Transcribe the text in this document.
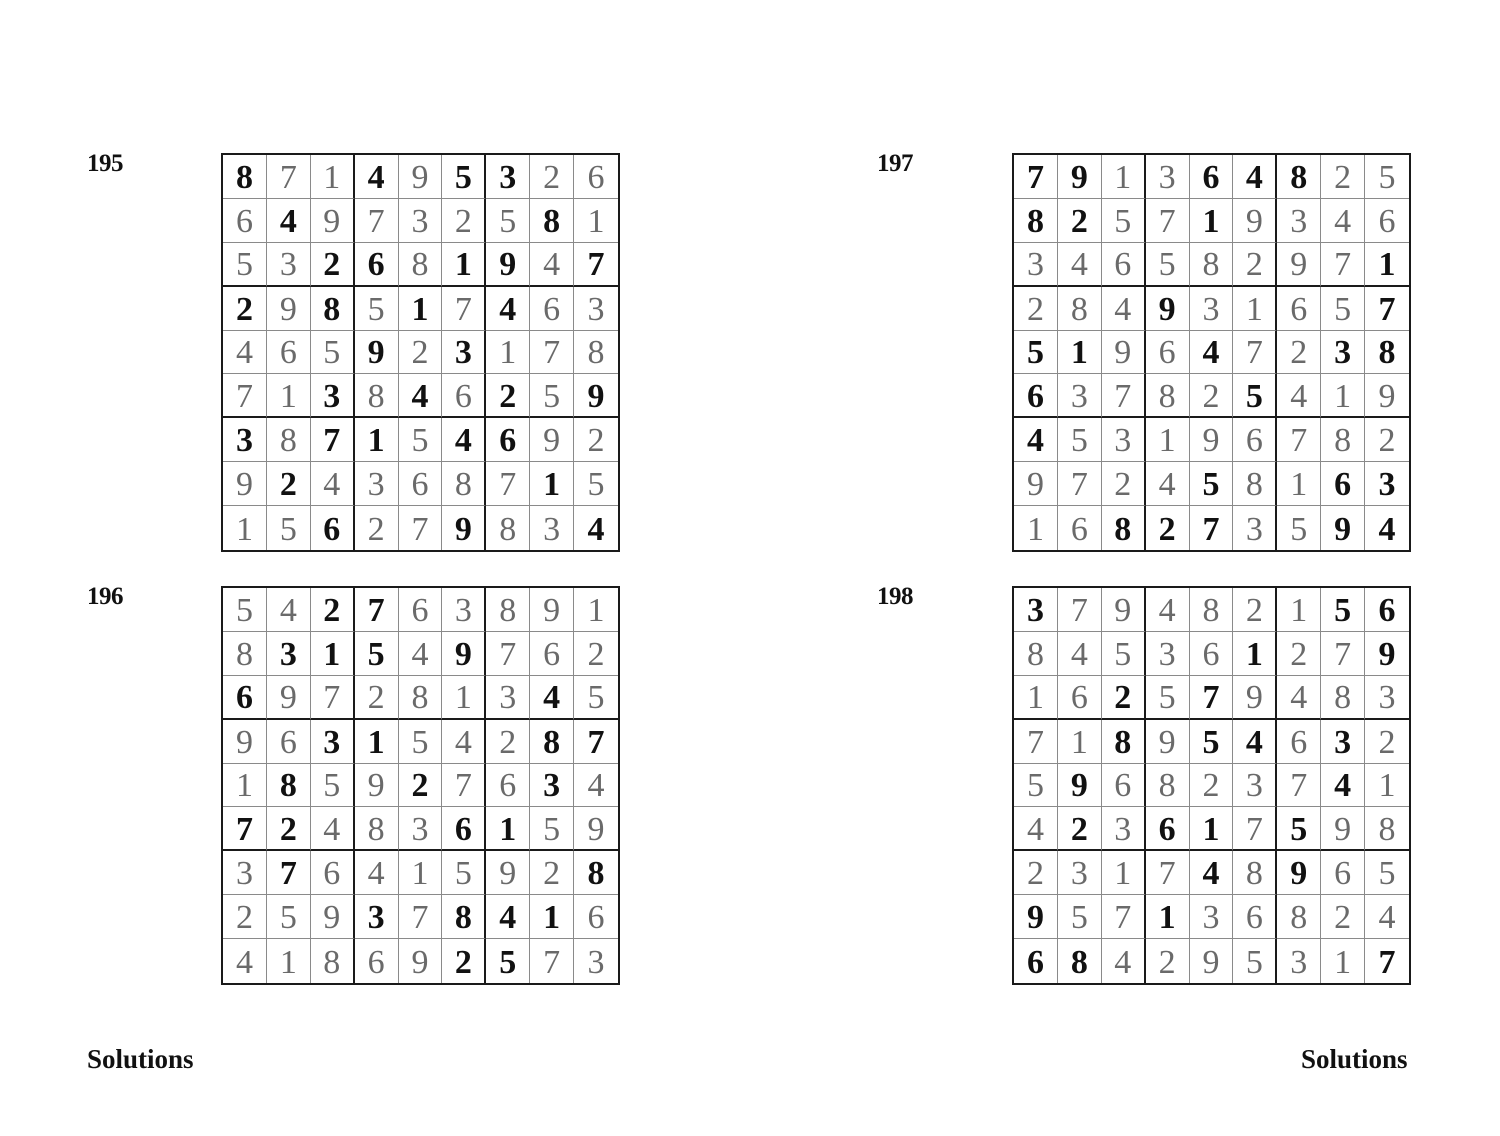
195	8 7 1 4 9 5 3 2 6
6 4 9 7 3 2 5 8 1
5 3 2 6 8 1 9 4 7
2 9 8 5 1 7 4 6 3
4 6 5 9 2 3 1 7 8
7 1 3 8 4 6 2 5 9
3 8 7 1 5 4 6 9 2
9 2 4 3 6 8 7 1 5
1 5 6 2 7 9 8 3 4
196	5 4 2 7 6 3 8 9 1
8 3 1 5 4 9 7 6 2
6 9 7 2 8 1 3 4 5
9 6 3 1 5 4 2 8 7
1 8 5 9 2 7 6 3 4
7 2 4 8 3 6 1 5 9
3 7 6 4 1 5 9 2 8
2 5 9 3 7 8 4 1 6
4 1 8 6 9 2 5 7 3
197	7 9 1 3 6 4 8 2 5
8 2 5 7 1 9 3 4 6
3 4 6 5 8 2 9 7 1
2 8 4 9 3 1 6 5 7
5 1 9 6 4 7 2 3 8
6 3 7 8 2 5 4 1 9
4 5 3 1 9 6 7 8 2
9 7 2 4 5 8 1 6 3
1 6 8 2 7 3 5 9 4
198	3 7 9 4 8 2 1 5 6
8 4 5 3 6 1 2 7 9
1 6 2 5 7 9 4 8 3
7 1 8 9 5 4 6 3 2
5 9 6 8 2 3 7 4 1
4 2 3 6 1 7 5 9 8
2 3 1 7 4 8 9 6 5
9 5 7 1 3 6 8 2 4
6 8 4 2 9 5 3 1 7
Solutions	Solutions
